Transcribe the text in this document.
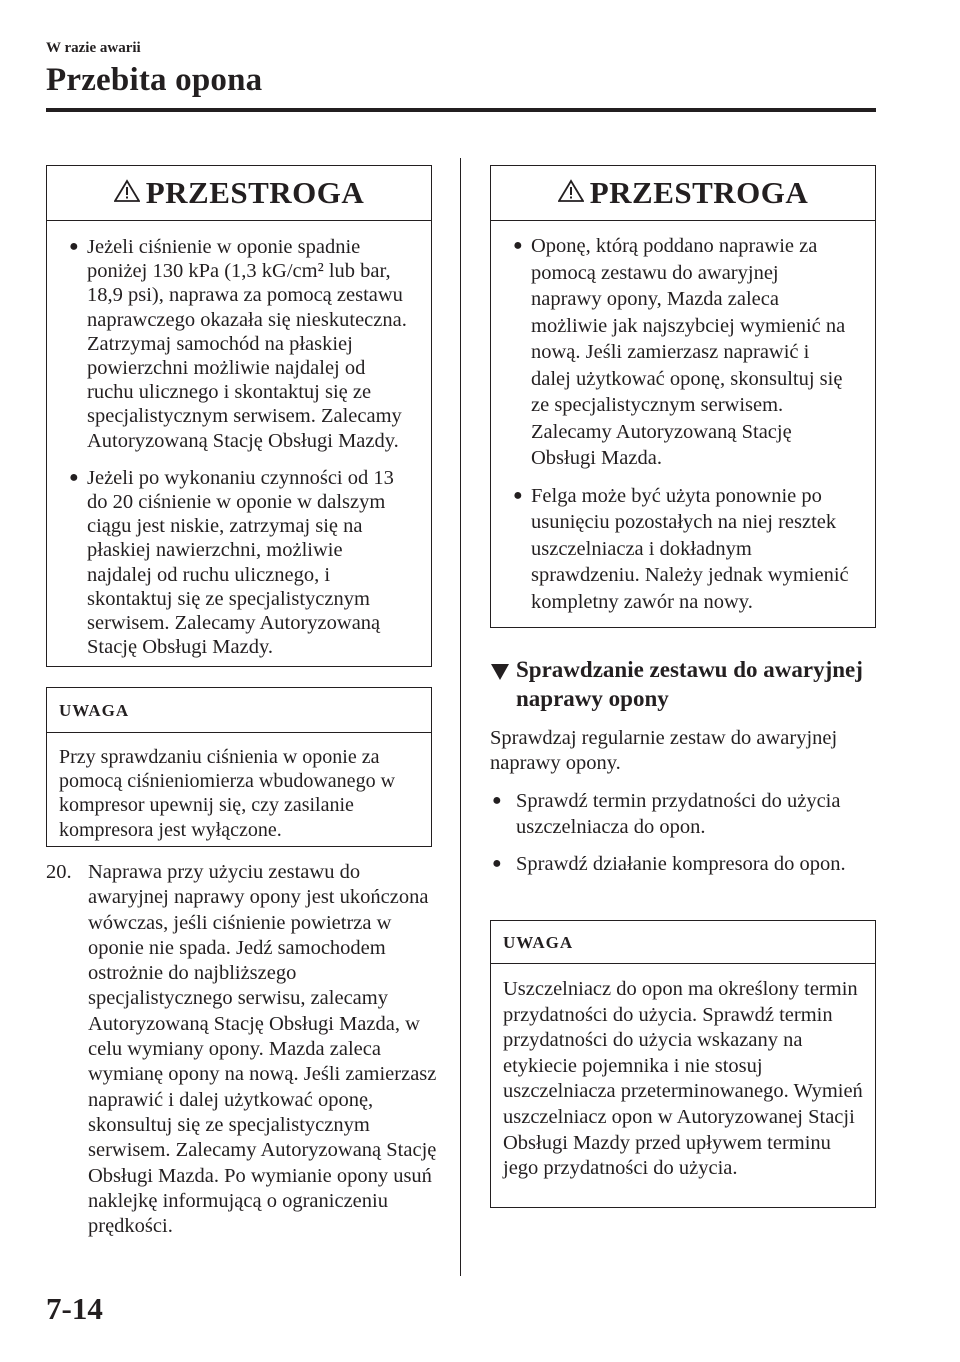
W razie awarii
Przebita opona
PRZESTROGA
● Jeżeli ciśnienie w oponie spadnie poniżej 130 kPa (1,3 kG/cm² lub bar, 18,9 psi), naprawa za pomocą zestawu naprawczego okazała się nieskuteczna. Zatrzymaj samochód na płaskiej powierzchni możliwie najdalej od ruchu ulicznego i skontaktuj się ze specjalistycznym serwisem. Zalecamy Autoryzowaną Stację Obsługi Mazdy.
● Jeżeli po wykonaniu czynności od 13 do 20 ciśnienie w oponie w dalszym ciągu jest niskie, zatrzymaj się na płaskiej nawierzchni, możliwie najdalej od ruchu ulicznego, i skontaktuj się ze specjalistycznym serwisem. Zalecamy Autoryzowaną Stację Obsługi Mazdy.
UWAGA
Przy sprawdzaniu ciśnienia w oponie za pomocą ciśnieniomierza wbudowanego w kompresor upewnij się, czy zasilanie kompresora jest wyłączone.
20. Naprawa przy użyciu zestawu do awaryjnej naprawy opony jest ukończona wówczas, jeśli ciśnienie powietrza w oponie nie spada. Jedź samochodem ostrożnie do najbliższego specjalistycznego serwisu, zalecamy Autoryzowaną Stację Obsługi Mazda, w celu wymiany opony. Mazda zaleca wymianę opony na nową. Jeśli zamierzasz naprawić i dalej użytkować oponę, skonsultuj się ze specjalistycznym serwisem. Zalecamy Autoryzowaną Stację Obsługi Mazda. Po wymianie opony usuń naklejkę informującą o ograniczeniu prędkości.
PRZESTROGA
● Oponę, którą poddano naprawie za pomocą zestawu do awaryjnej naprawy opony, Mazda zaleca możliwie jak najszybciej wymienić na nową. Jeśli zamierzasz naprawić i dalej użytkować oponę, skonsultuj się ze specjalistycznym serwisem. Zalecamy Autoryzowaną Stację Obsługi Mazda.
● Felga może być użyta ponownie po usunięciu pozostałych na niej resztek uszczelniacza i dokładnym sprawdzeniu. Należy jednak wymienić kompletny zawór na nowy.
Sprawdzanie zestawu do awaryjnej naprawy opony
Sprawdzaj regularnie zestaw do awaryjnej naprawy opony.
● Sprawdź termin przydatności do użycia uszczelniacza do opon.
● Sprawdź działanie kompresora do opon.
UWAGA
Uszczelniacz do opon ma określony termin przydatności do użycia. Sprawdź termin przydatności do użycia wskazany na etykiecie pojemnika i nie stosuj uszczelniacza przeterminowanego. Wymień uszczelniacz opon w Autoryzowanej Stacji Obsługi Mazdy przed upływem terminu jego przydatności do użycia.
7-14
